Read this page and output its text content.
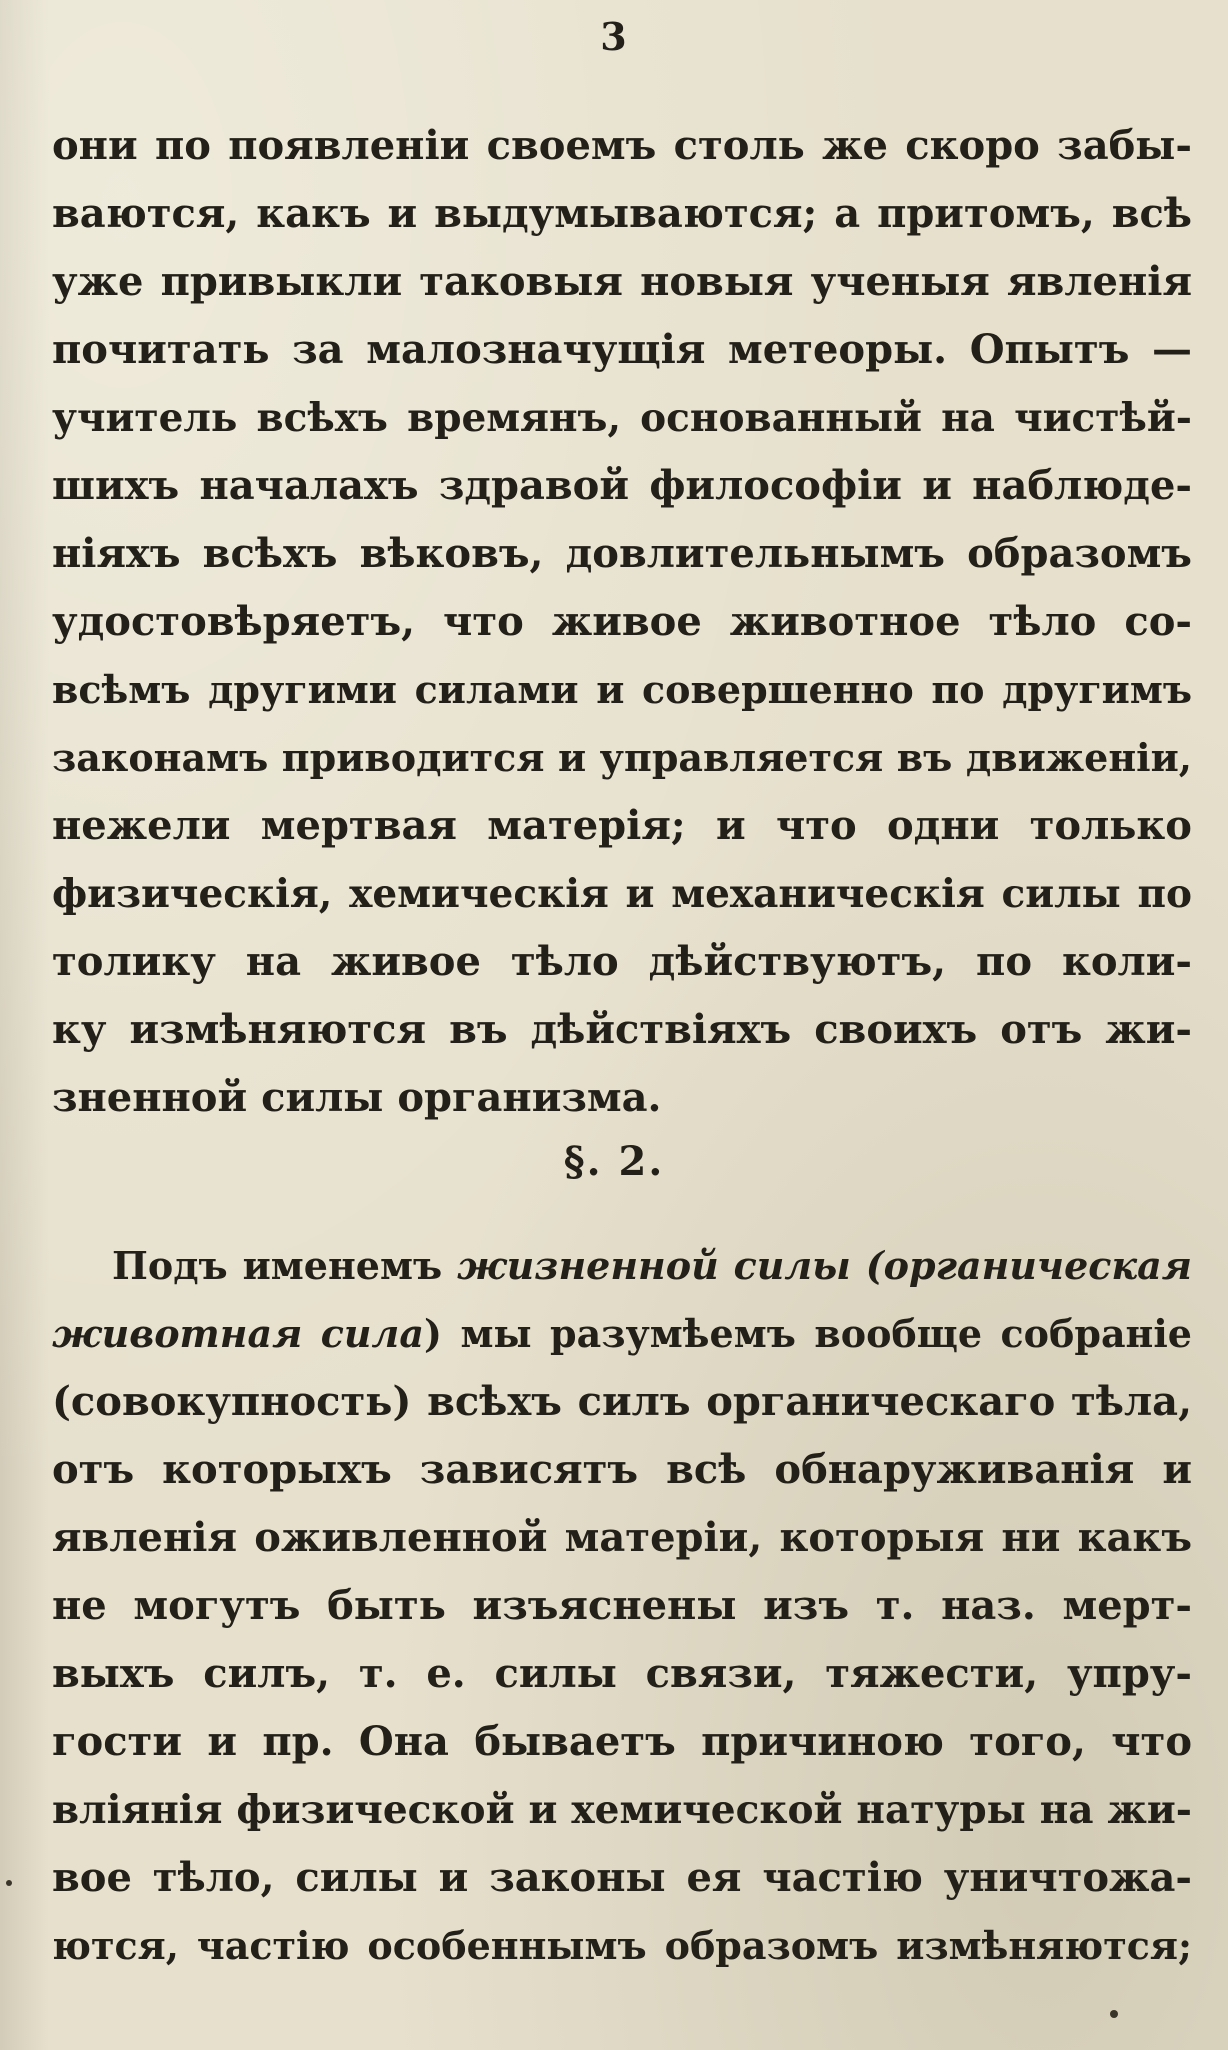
3
они по появленіи своемъ столь же скоро забы-
ваются, какъ и выдумываются; а притомъ, всѣ
уже привыкли таковыя новыя ученыя явленія
почитать за малозначущія метеоры. Опытъ —
учитель всѣхъ времянъ, основанный на чистѣй-
шихъ началахъ здравой философіи и наблюде-
ніяхъ всѣхъ вѣковъ, довлительнымъ образомъ
удостовѣряетъ, что живое животное тѣло со-
всѣмъ другими силами и совершенно по другимъ
законамъ приводится и управляется въ движеніи,
нежели мертвая матерія; и что одни только
физическія, хемическія и механическія силы по
толику на живое тѣло дѣйствуютъ, по коли-
ку измѣняются въ дѣйствіяхъ своихъ отъ жи-
зненной силы организма.
§. 2.
Подъ именемъ жизненной силы (органическая
животная сила) мы разумѣемъ вообще собраніе
(совокупность) всѣхъ силъ органическаго тѣла,
отъ которыхъ зависятъ всѣ обнаруживанія и
явленія оживленной матеріи, которыя ни какъ
не могутъ быть изъяснены изъ т. наз. мерт-
выхъ силъ, т. е. силы связи, тяжести, упру-
гости и пр. Она бываетъ причиною того, что
вліянія физической и хемической натуры на жи-
вое тѣло, силы и законы ея частію уничтожа-
ются, частію особеннымъ образомъ измѣняются;
